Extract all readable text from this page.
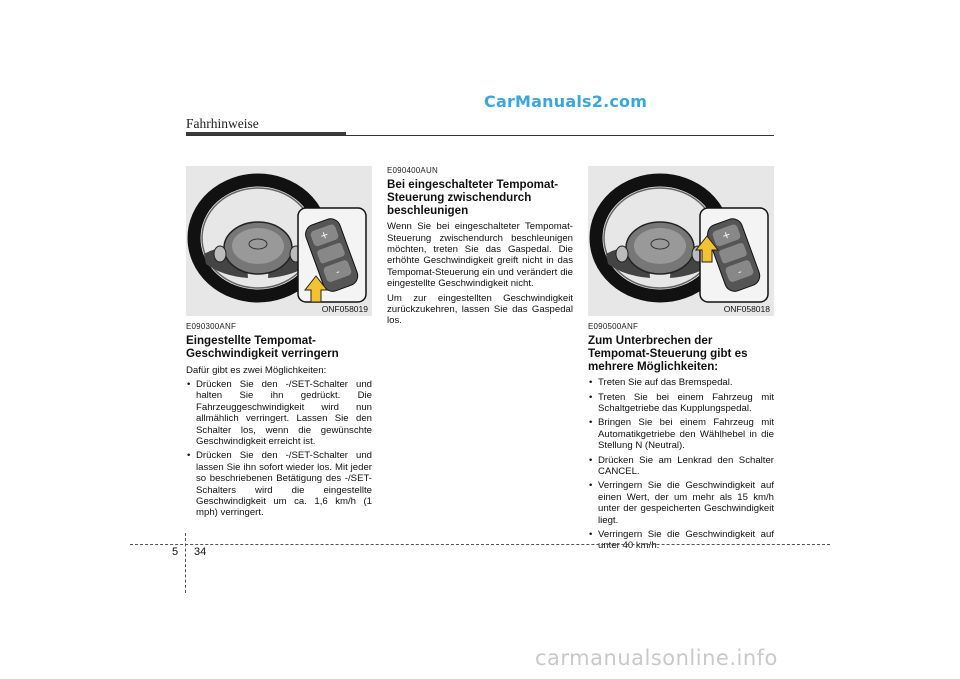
CarManuals2.com
Fahrhinweise
+
-
ONF058019
E090300ANF
Eingestellte Tempomat-
Geschwindigkeit verringern
Dafür gibt es zwei Möglichkeiten:
• Drücken Sie den -/SET-Schalter und halten Sie ihn gedrückt. Die Fahrzeuggeschwindigkeit wird nun allmählich verringert. Lassen Sie den Schalter los, wenn die gewünschte Geschwindigkeit erreicht ist.
• Drücken Sie den -/SET-Schalter und lassen Sie ihn sofort wieder los. Mit jeder so beschriebenen Betätigung des -/SET-Schalters wird die eingestellte Geschwindigkeit um ca. 1,6 km/h (1 mph) verringert.
E090400AUN
Bei eingeschalteter Tempomat-
Steuerung zwischendurch
beschleunigen
Wenn Sie bei eingeschalteter Tempomat-Steuerung zwischendurch beschleunigen möchten, treten Sie das Gaspedal. Die erhöhte Geschwindigkeit greift nicht in das Tempomat-Steuerung ein und verändert die eingestellte Geschwindigkeit nicht.
Um zur eingestellten Geschwindigkeit zurückzukehren, lassen Sie das Gaspedal los.
+
-
ONF058018
E090500ANF
Zum Unterbrechen der
Tempomat-Steuerung gibt es
mehrere Möglichkeiten:
• Treten Sie auf das Bremspedal.
• Treten Sie bei einem Fahrzeug mit Schaltgetriebe das Kupplungspedal.
• Bringen Sie bei einem Fahrzeug mit Automatikgetriebe den Wählhebel in die Stellung N (Neutral).
• Drücken Sie am Lenkrad den Schalter CANCEL.
• Verringern Sie die Geschwindigkeit auf einen Wert, der um mehr als 15 km/h unter der gespeicherten Geschwindigkeit liegt.
• Verringern Sie die Geschwindigkeit auf unter 40 km/h.
5 34
carmanualsonline.info
